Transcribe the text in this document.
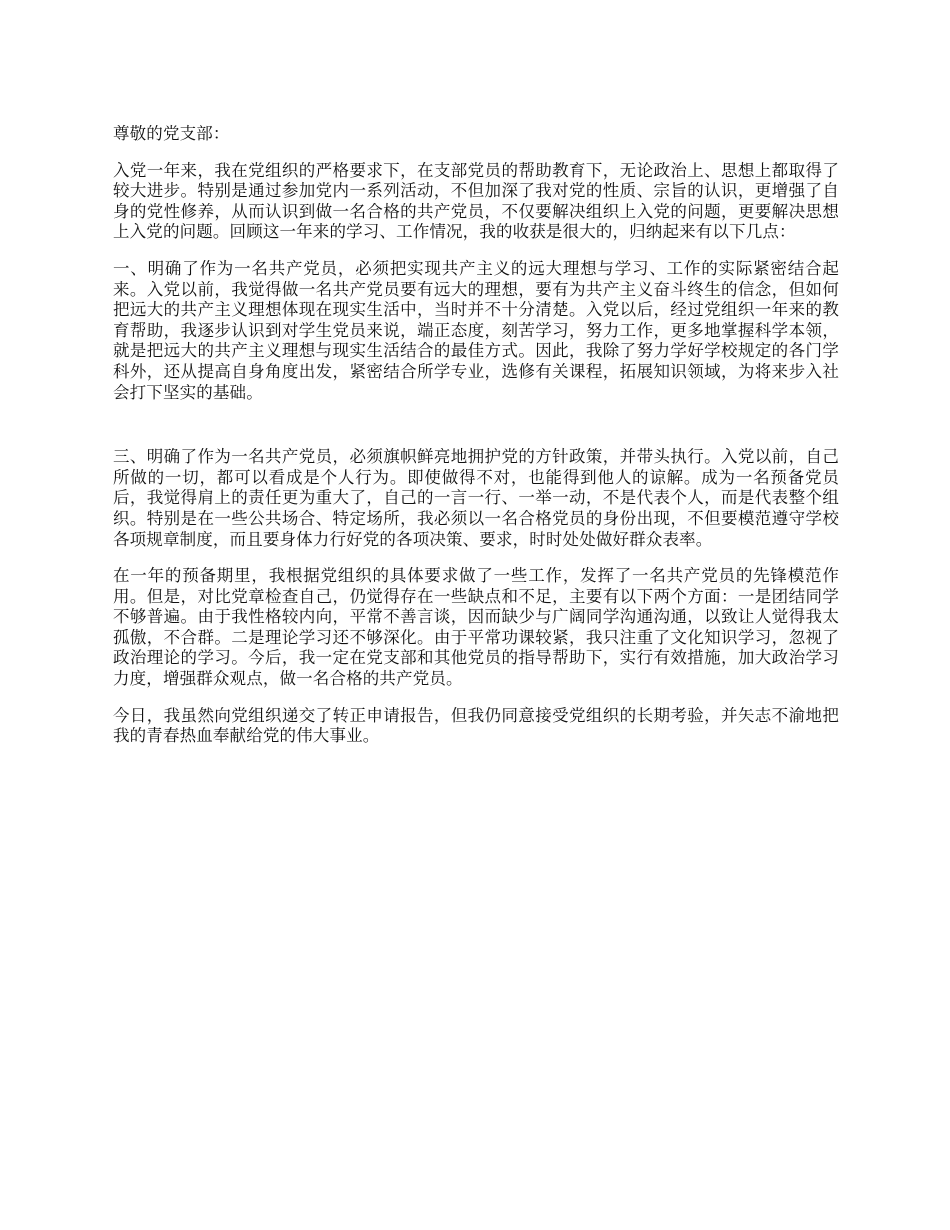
尊敬的党支部：

入党一年来，我在党组织的严格要求下，在支部党员的帮助教育下，无论政治上、思想上都取得了较大进步。特别是通过参加党内一系列活动，不但加深了我对党的性质、宗旨的认识，更增强了自身的党性修养，从而认识到做一名合格的共产党员，不仅要解决组织上入党的问题，更要解决思想上入党的问题。回顾这一年来的学习、工作情况，我的收获是很大的，归纳起来有以下几点：

一、明确了作为一名共产党员，必须把实现共产主义的远大理想与学习、工作的实际紧密结合起来。入党以前，我觉得做一名共产党员要有远大的理想，要有为共产主义奋斗终生的信念，但如何把远大的共产主义理想体现在现实生活中，当时并不十分清楚。入党以后，经过党组织一年来的教育帮助，我逐步认识到对学生党员来说，端正态度，刻苦学习，努力工作，更多地掌握科学本领，就是把远大的共产主义理想与现实生活结合的最佳方式。因此，我除了努力学好学校规定的各门学科外，还从提高自身角度出发，紧密结合所学专业，选修有关课程，拓展知识领域，为将来步入社会打下坚实的基础。

三、明确了作为一名共产党员，必须旗帜鲜亮地拥护党的方针政策，并带头执行。入党以前，自己所做的一切，都可以看成是个人行为。即使做得不对，也能得到他人的谅解。成为一名预备党员后，我觉得肩上的责任更为重大了，自己的一言一行、一举一动，不是代表个人，而是代表整个组织。特别是在一些公共场合、特定场所，我必须以一名合格党员的身份出现，不但要模范遵守学校各项规章制度，而且要身体力行好党的各项决策、要求，时时处处做好群众表率。

在一年的预备期里，我根据党组织的具体要求做了一些工作，发挥了一名共产党员的先锋模范作用。但是，对比党章检查自己，仍觉得存在一些缺点和不足，主要有以下两个方面：一是团结同学不够普遍。由于我性格较内向，平常不善言谈，因而缺少与广阔同学沟通沟通，以致让人觉得我太孤傲，不合群。二是理论学习还不够深化。由于平常功课较紧，我只注重了文化知识学习，忽视了政治理论的学习。今后，我一定在党支部和其他党员的指导帮助下，实行有效措施，加大政治学习力度，增强群众观点，做一名合格的共产党员。

今日，我虽然向党组织递交了转正申请报告，但我仍同意接受党组织的长期考验，并矢志不渝地把我的青春热血奉献给党的伟大事业。
